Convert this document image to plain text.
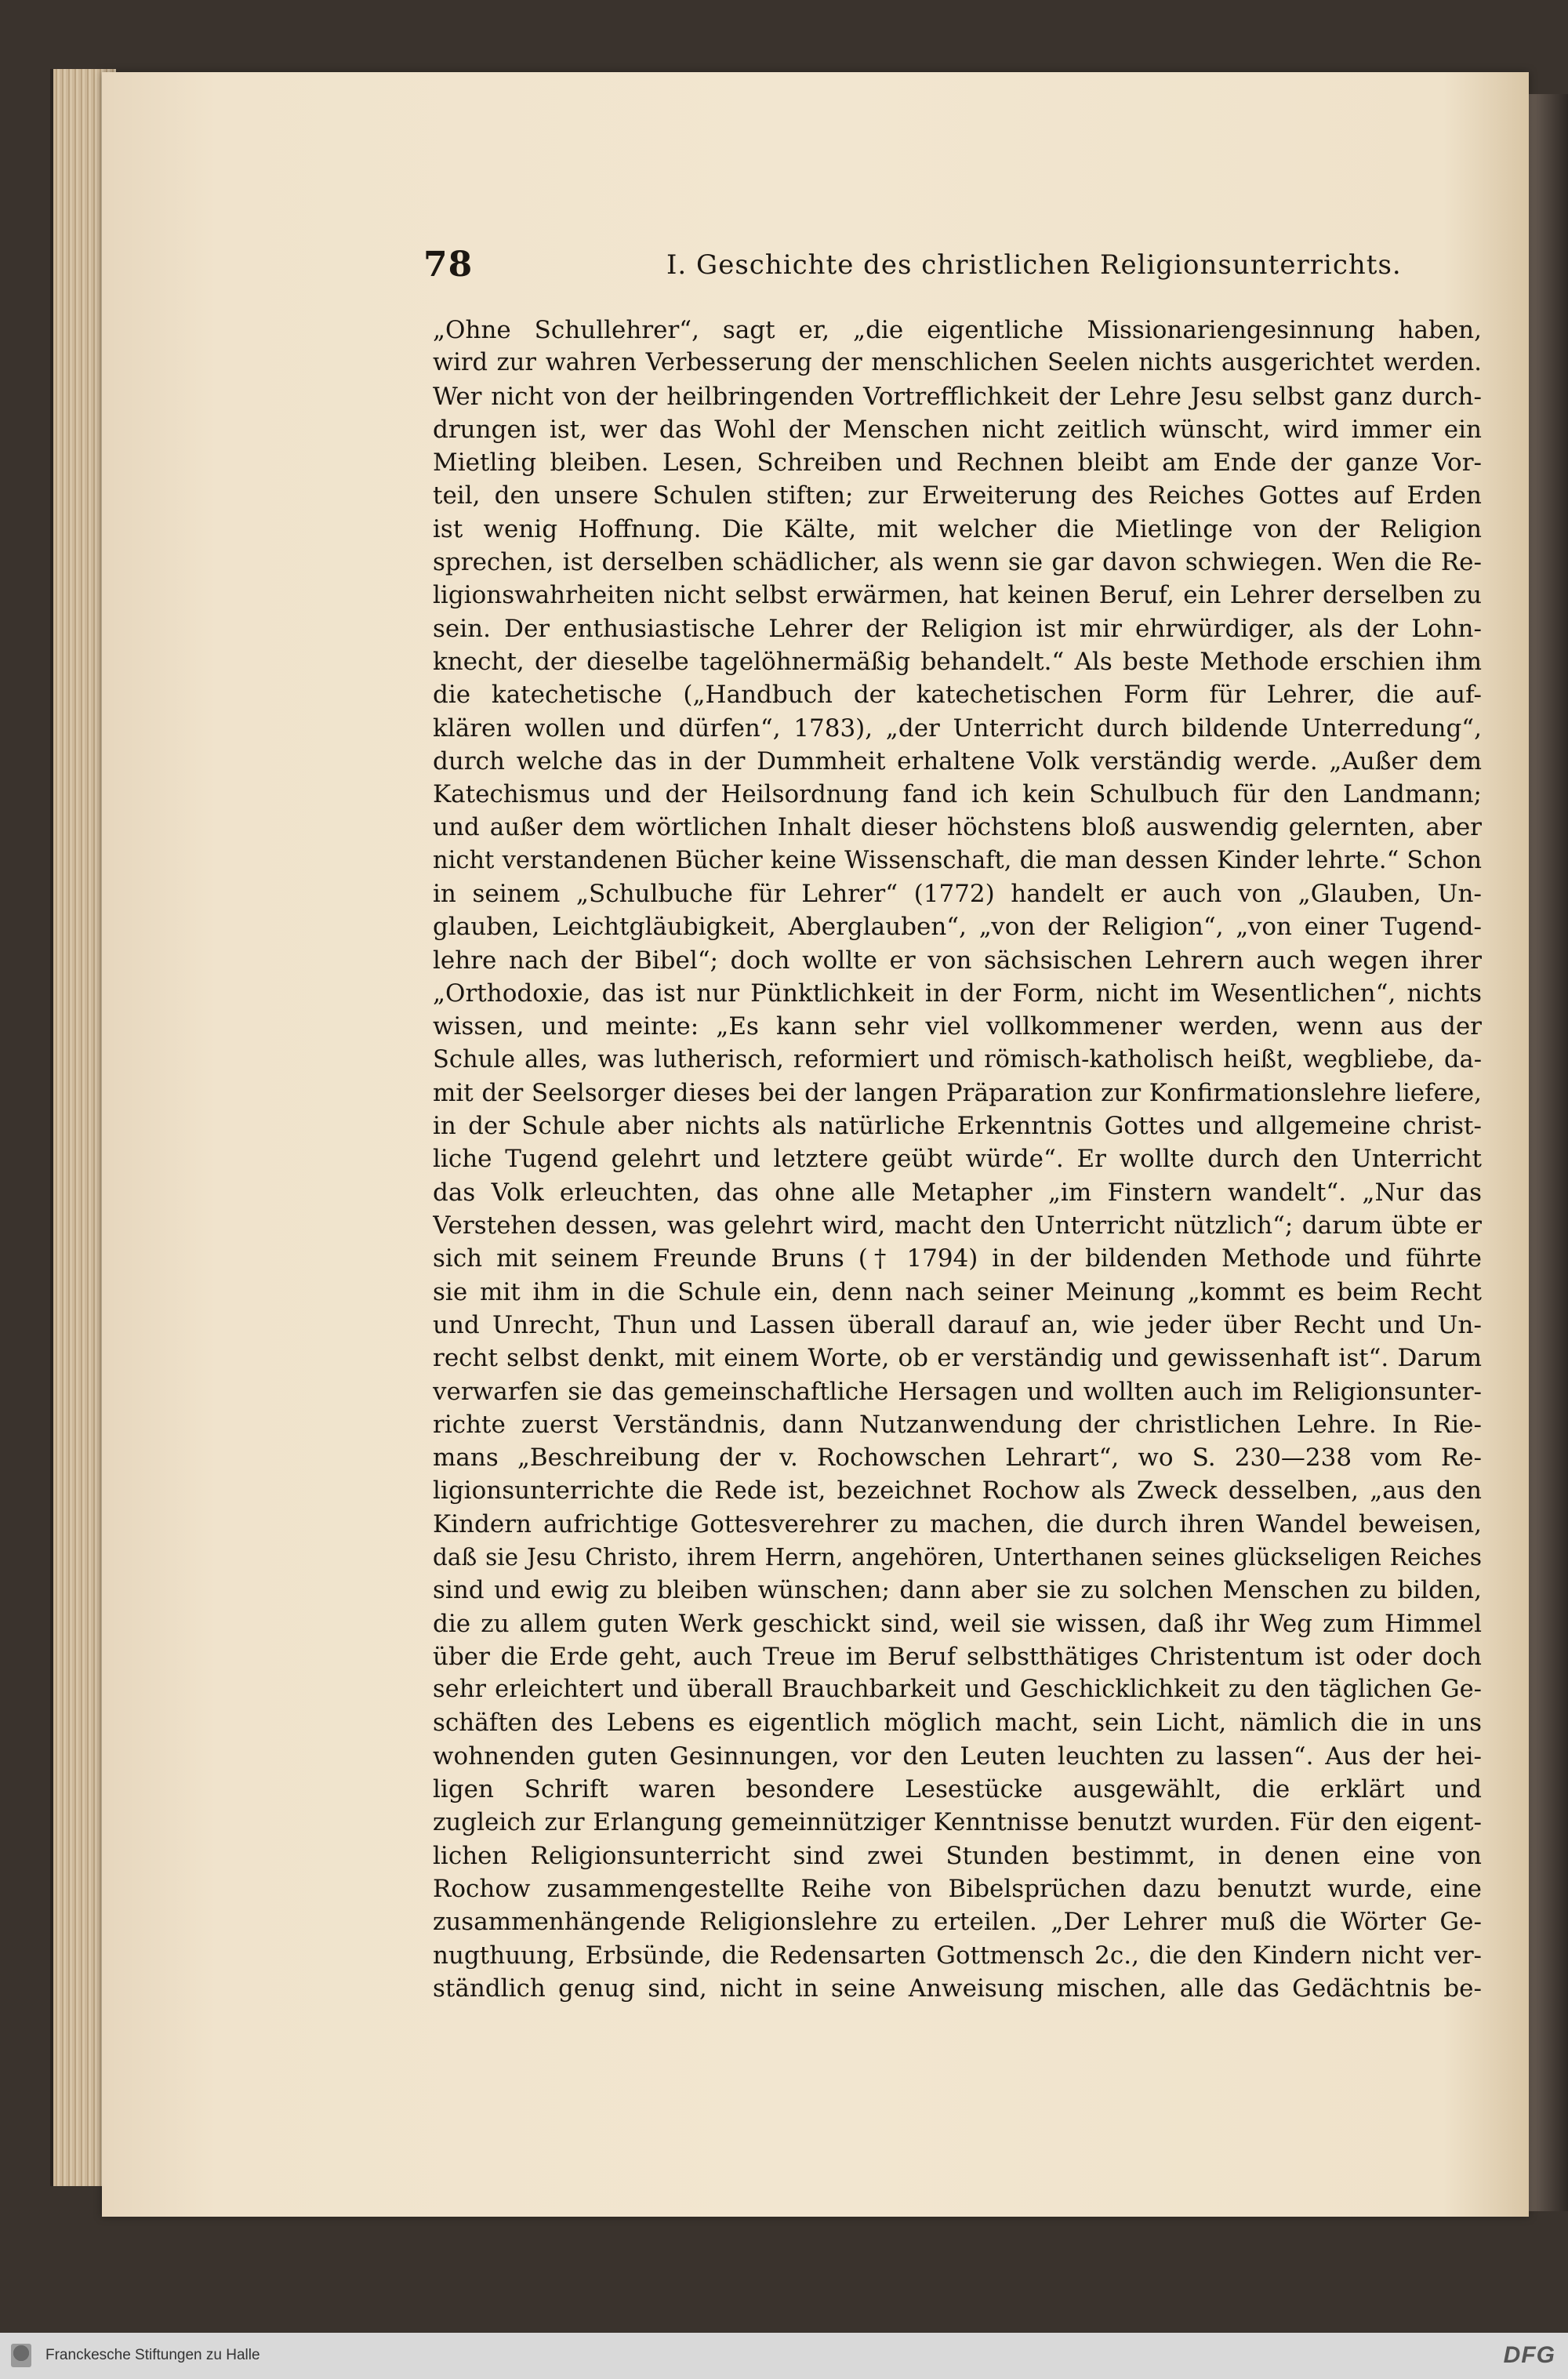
78	I. Geschichte des christlichen Religionsunterrichts.
„Ohne Schullehrer“, sagt er, „die eigentliche Missionariengesinnung haben,
wird zur wahren Verbesserung der menschlichen Seelen nichts ausgerichtet werden.
Wer nicht von der heilbringenden Vortrefflichkeit der Lehre Jesu selbst ganz durch-
drungen ist, wer das Wohl der Menschen nicht zeitlich wünscht, wird immer ein
Mietling bleiben. Lesen, Schreiben und Rechnen bleibt am Ende der ganze Vor-
teil, den unsere Schulen stiften; zur Erweiterung des Reiches Gottes auf Erden
ist wenig Hoffnung. Die Kälte, mit welcher die Mietlinge von der Religion
sprechen, ist derselben schädlicher, als wenn sie gar davon schwiegen. Wen die Re-
ligionswahrheiten nicht selbst erwärmen, hat keinen Beruf, ein Lehrer derselben zu
sein. Der enthusiastische Lehrer der Religion ist mir ehrwürdiger, als der Lohn-
knecht, der dieselbe tagelöhnermäßig behandelt.“ Als beste Methode erschien ihm
die katechetische („Handbuch der katechetischen Form für Lehrer, die auf-
klären wollen und dürfen“, 1783), „der Unterricht durch bildende Unterredung“,
durch welche das in der Dummheit erhaltene Volk verständig werde. „Außer dem
Katechismus und der Heilsordnung fand ich kein Schulbuch für den Landmann;
und außer dem wörtlichen Inhalt dieser höchstens bloß auswendig gelernten, aber
nicht verstandenen Bücher keine Wissenschaft, die man dessen Kinder lehrte.“ Schon
in seinem „Schulbuche für Lehrer“ (1772) handelt er auch von „Glauben, Un-
glauben, Leichtgläubigkeit, Aberglauben“, „von der Religion“, „von einer Tugend-
lehre nach der Bibel“; doch wollte er von sächsischen Lehrern auch wegen ihrer
„Orthodoxie, das ist nur Pünktlichkeit in der Form, nicht im Wesentlichen“, nichts
wissen, und meinte: „Es kann sehr viel vollkommener werden, wenn aus der
Schule alles, was lutherisch, reformiert und römisch-katholisch heißt, wegbliebe, da-
mit der Seelsorger dieses bei der langen Präparation zur Konfirmationslehre liefere,
in der Schule aber nichts als natürliche Erkenntnis Gottes und allgemeine christ-
liche Tugend gelehrt und letztere geübt würde“. Er wollte durch den Unterricht
das Volk erleuchten, das ohne alle Metapher „im Finstern wandelt“. „Nur das
Verstehen dessen, was gelehrt wird, macht den Unterricht nützlich“; darum übte er
sich mit seinem Freunde Bruns († 1794) in der bildenden Methode und führte
sie mit ihm in die Schule ein, denn nach seiner Meinung „kommt es beim Recht
und Unrecht, Thun und Lassen überall darauf an, wie jeder über Recht und Un-
recht selbst denkt, mit einem Worte, ob er verständig und gewissenhaft ist“. Darum
verwarfen sie das gemeinschaftliche Hersagen und wollten auch im Religionsunter-
richte zuerst Verständnis, dann Nutzanwendung der christlichen Lehre. In Rie-
mans „Beschreibung der v. Rochowschen Lehrart“, wo S. 230—238 vom Re-
ligionsunterrichte die Rede ist, bezeichnet Rochow als Zweck desselben, „aus den
Kindern aufrichtige Gottesverehrer zu machen, die durch ihren Wandel beweisen,
daß sie Jesu Christo, ihrem Herrn, angehören, Unterthanen seines glückseligen Reiches
sind und ewig zu bleiben wünschen; dann aber sie zu solchen Menschen zu bilden,
die zu allem guten Werk geschickt sind, weil sie wissen, daß ihr Weg zum Himmel
über die Erde geht, auch Treue im Beruf selbstthätiges Christentum ist oder doch
sehr erleichtert und überall Brauchbarkeit und Geschicklichkeit zu den täglichen Ge-
schäften des Lebens es eigentlich möglich macht, sein Licht, nämlich die in uns
wohnenden guten Gesinnungen, vor den Leuten leuchten zu lassen“. Aus der hei-
ligen Schrift waren besondere Lesestücke ausgewählt, die erklärt und
zugleich zur Erlangung gemeinnütziger Kenntnisse benutzt wurden. Für den eigent-
lichen Religionsunterricht sind zwei Stunden bestimmt, in denen eine von
Rochow zusammengestellte Reihe von Bibelsprüchen dazu benutzt wurde, eine
zusammenhängende Religionslehre zu erteilen. „Der Lehrer muß die Wörter Ge-
nugthuung, Erbsünde, die Redensarten Gottmensch 2c., die den Kindern nicht ver-
ständlich genug sind, nicht in seine Anweisung mischen, alle das Gedächtnis be-
Franckesche Stiftungen zu Halle	DFG
